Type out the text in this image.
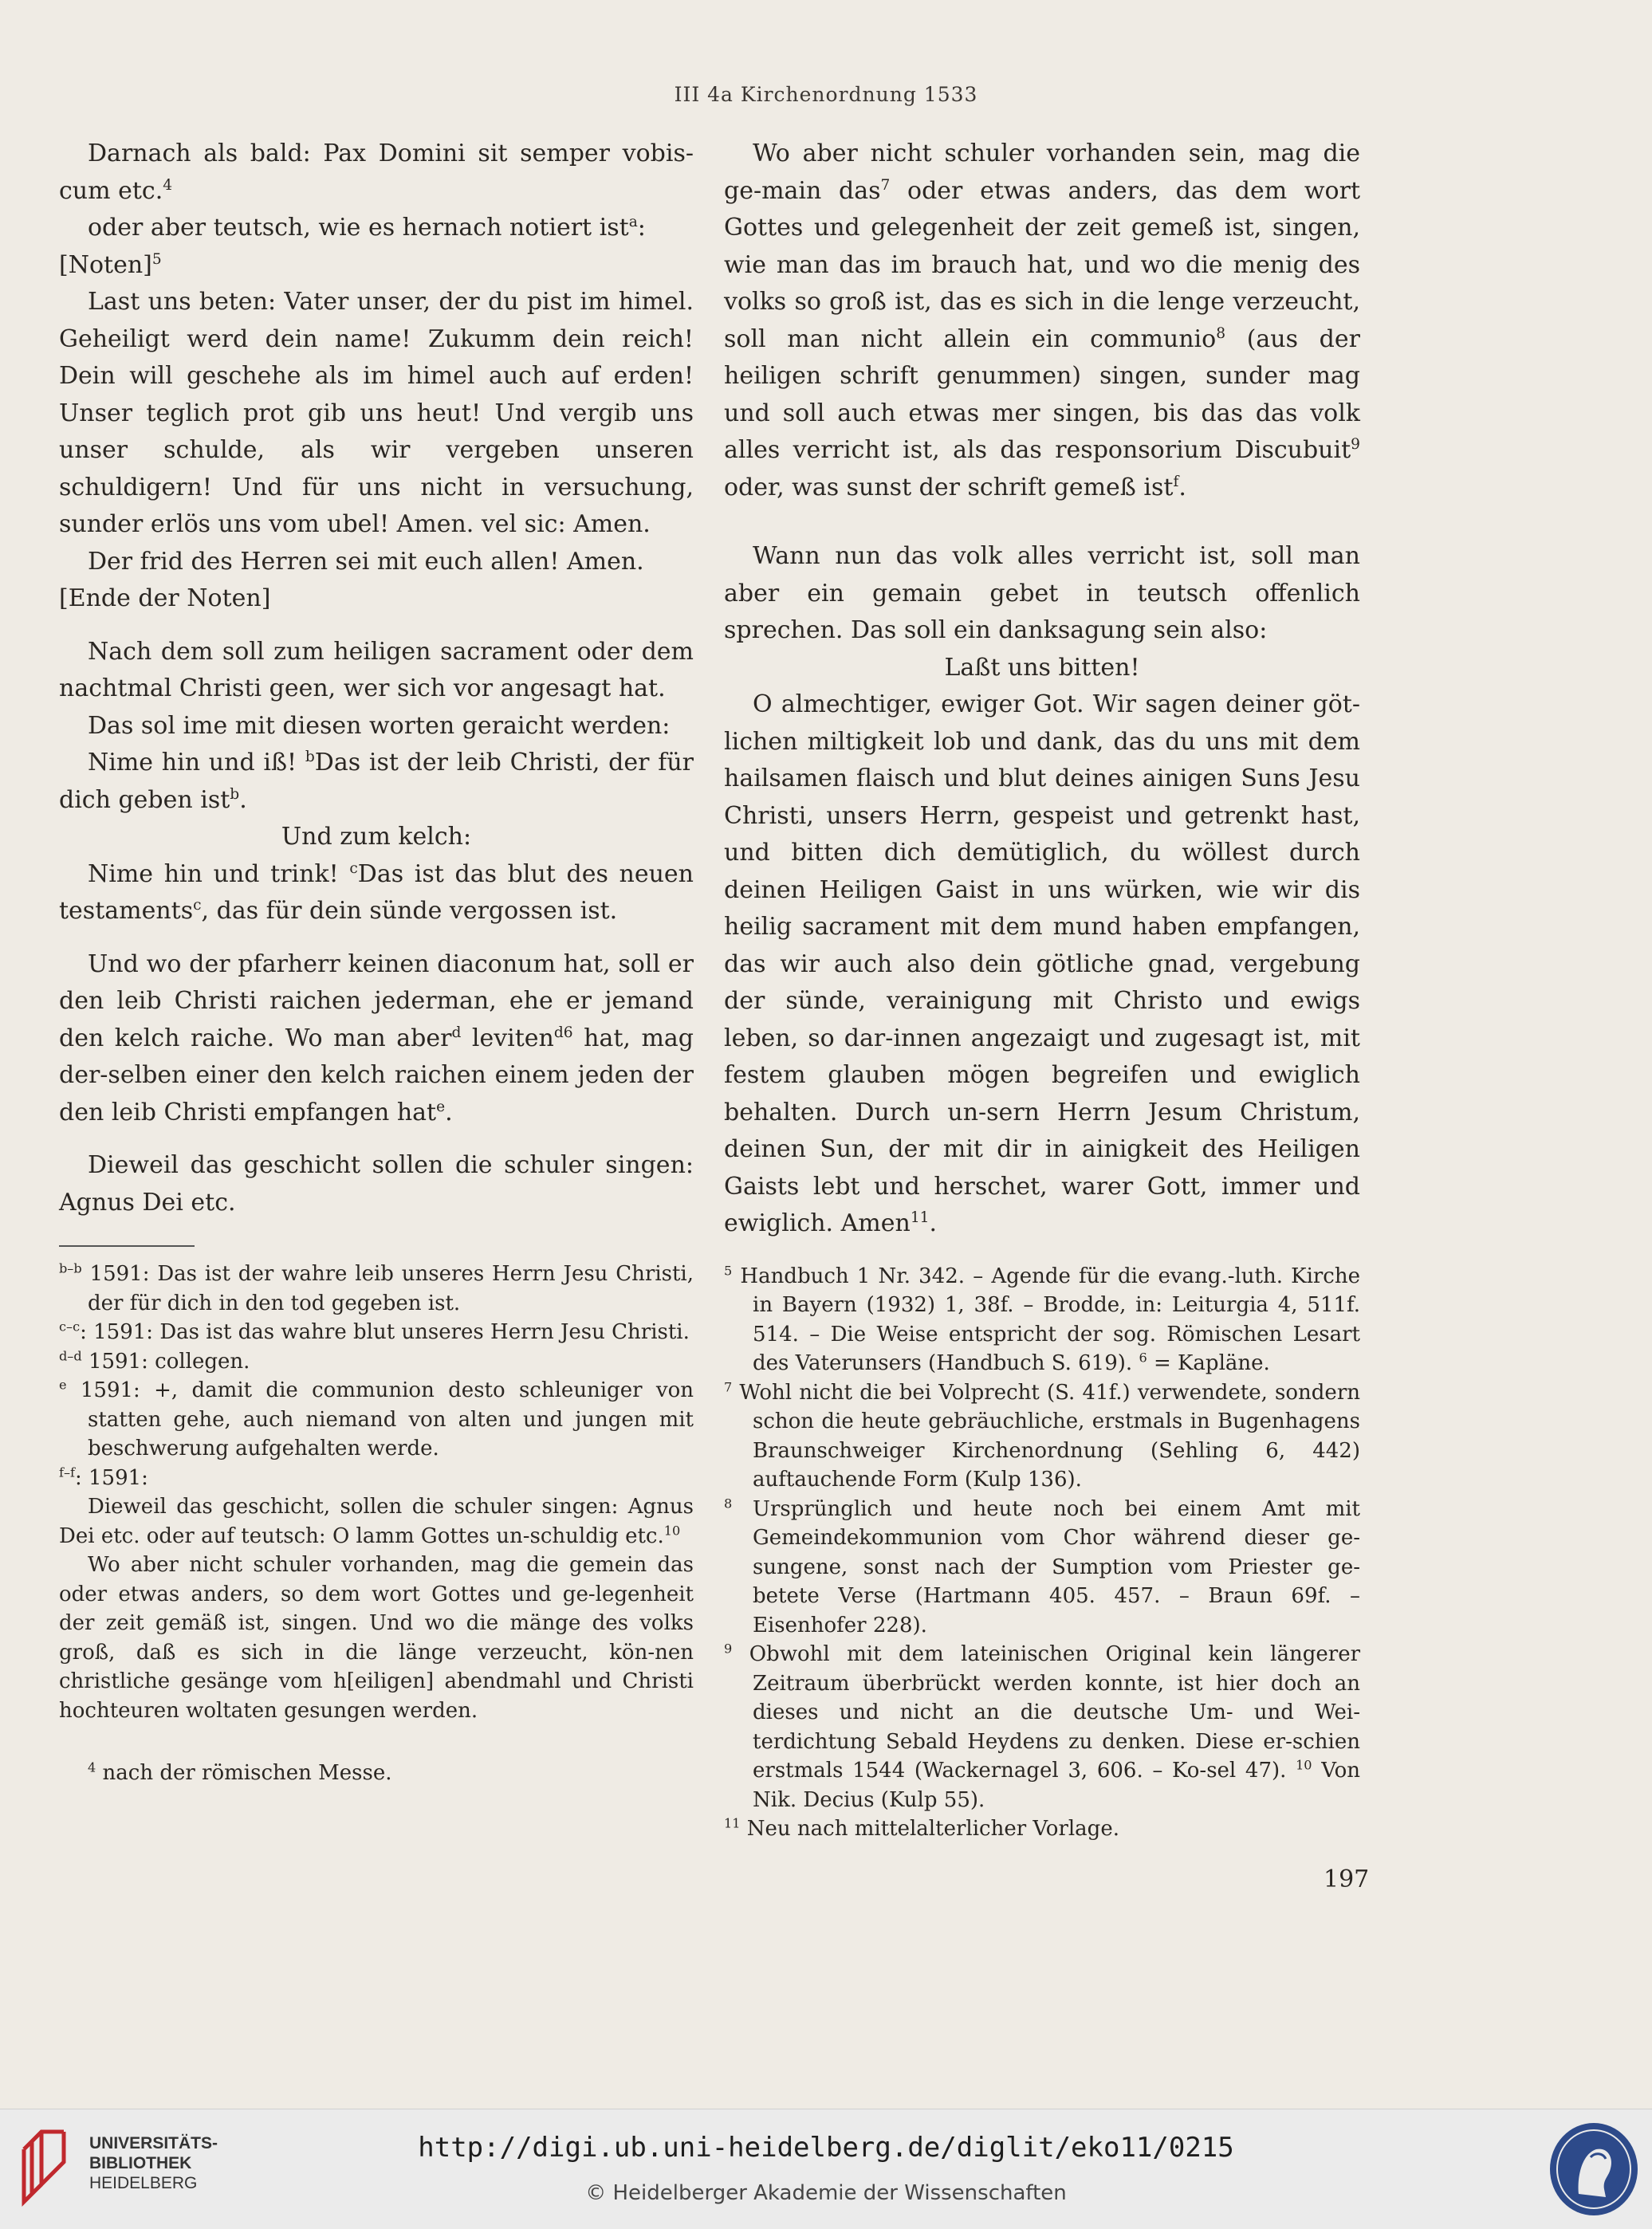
III 4a Kirchenordnung 1533

Darnach als bald: Pax Domini sit semper vobis-cum etc.$^4$

oder aber teutsch, wie es hernach notiert ist$^a$:

[Noten]$^5$

Last uns beten: Vater unser, der du pist im himel. Geheiligt werd dein name! Zukumm dein reich! Dein will geschehe als im himel auch auf erden! Unser teglich prot gib uns heut! Und vergib uns unser schulde, als wir vergeben unseren schuldigern! Und für uns nicht in versuchung, sunder erlös uns vom ubel! Amen. vel sic: Amen.

Der frid des Herren sei mit euch allen! Amen.

[Ende der Noten]

Nach dem soll zum heiligen sacrament oder dem nachtmal Christi geen, wer sich vor angesagt hat.

Das sol ime mit diesen worten geraicht werden:

Nime hin und iß! $^b$Das ist der leib Christi, der für dich geben ist$^b$.

Und zum kelch:

Nime hin und trink! $^c$Das ist das blut des neuen testaments$^c$, das für dein sünde vergossen ist.

Und wo der pfarherr keinen diaconum hat, soll er den leib Christi raichen jederman, ehe er jemand den kelch raiche. Wo man aber$^d$ leviten$^{d6}$ hat, mag der-selben einer den kelch raichen einem jeden der den leib Christi empfangen hat$^e$.

Dieweil das geschicht sollen die schuler singen: Agnus Dei etc.

$^{b-b}$ 1591: Das ist der wahre leib unseres Herrn Jesu Christi, der für dich in den tod gegeben ist.

$^{c-c}$: 1591: Das ist das wahre blut unseres Herrn Jesu Christi.

$^{d-d}$ 1591: collegen.

$^e$ 1591: +, damit die communion desto schleuniger von statten gehe, auch niemand von alten und jungen mit beschwerung aufgehalten werde.

$^{f-f}$: 1591:

Dieweil das geschicht, sollen die schuler singen: Agnus Dei etc. oder auf teutsch: O lamm Gottes un-schuldig etc.$^{10}$

Wo aber nicht schuler vorhanden, mag die gemein das oder etwas anders, so dem wort Gottes und ge-legenheit der zeit gemäß ist, singen. Und wo die mänge des volks groß, daß es sich in die länge verzeucht, kön-nen christliche gesänge vom h[eiligen] abendmahl und Christi hochteuren woltaten gesungen werden.

$^4$ nach der römischen Messe.

Wo aber nicht schuler vorhanden sein, mag die ge-main das$^7$ oder etwas anders, das dem wort Gottes und gelegenheit der zeit gemeß ist, singen, wie man das im brauch hat, und wo die menig des volks so groß ist, das es sich in die lenge verzeucht, soll man nicht allein ein communio$^8$ (aus der heiligen schrift genummen) singen, sunder mag und soll auch etwas mer singen, bis das das volk alles verricht ist, als das responsorium Discubuit$^9$ oder, was sunst der schrift gemeß ist$^f$.

Wann nun das volk alles verricht ist, soll man aber ein gemain gebet in teutsch offenlich sprechen. Das soll ein danksagung sein also:

Laßt uns bitten!

O almechtiger, ewiger Got. Wir sagen deiner göt-lichen miltigkeit lob und dank, das du uns mit dem hailsamen flaisch und blut deines ainigen Suns Jesu Christi, unsers Herrn, gespeist und getrenkt hast, und bitten dich demütiglich, du wöllest durch deinen Heiligen Gaist in uns würken, wie wir dis heilig sacrament mit dem mund haben empfangen, das wir auch also dein götliche gnad, vergebung der sünde, verainigung mit Christo und ewigs leben, so dar-innen angezaigt und zugesagt ist, mit festem glauben mögen begreifen und ewiglich behalten. Durch un-sern Herrn Jesum Christum, deinen Sun, der mit dir in ainigkeit des Heiligen Gaists lebt und herschet, warer Gott, immer und ewiglich. Amen$^{11}$.

$^5$ Handbuch 1 Nr. 342. – Agende für die evang.-luth. Kirche in Bayern (1932) 1, 38f. – Brodde, in: Leiturgia 4, 511f. 514. – Die Weise entspricht der sog. Römischen Lesart des Vaterunsers (Handbuch S. 619). $^6$ = Kapläne.

$^7$ Wohl nicht die bei Volprecht (S. 41f.) verwendete, sondern schon die heute gebräuchliche, erstmals in Bugenhagens Braunschweiger Kirchenordnung (Sehling 6, 442) auftauchende Form (Kulp 136).

$^8$ Ursprünglich und heute noch bei einem Amt mit Gemeindekommunion vom Chor während dieser ge-sungene, sonst nach der Sumption vom Priester ge-betete Verse (Hartmann 405. 457. – Braun 69f. – Eisenhofer 228).

$^9$ Obwohl mit dem lateinischen Original kein längerer Zeitraum überbrückt werden konnte, ist hier doch an dieses und nicht an die deutsche Um- und Wei-terdichtung Sebald Heydens zu denken. Diese er-schien erstmals 1544 (Wackernagel 3, 606. – Ko-sel 47). $^{10}$ Von Nik. Decius (Kulp 55).

$^{11}$ Neu nach mittelalterlicher Vorlage.

197
UNIVERSITÄTS-
BIBLIOTHEK
HEIDELBERG
http://digi.ub.uni-heidelberg.de/diglit/eko11/0215
© Heidelberger Akademie der Wissenschaften
